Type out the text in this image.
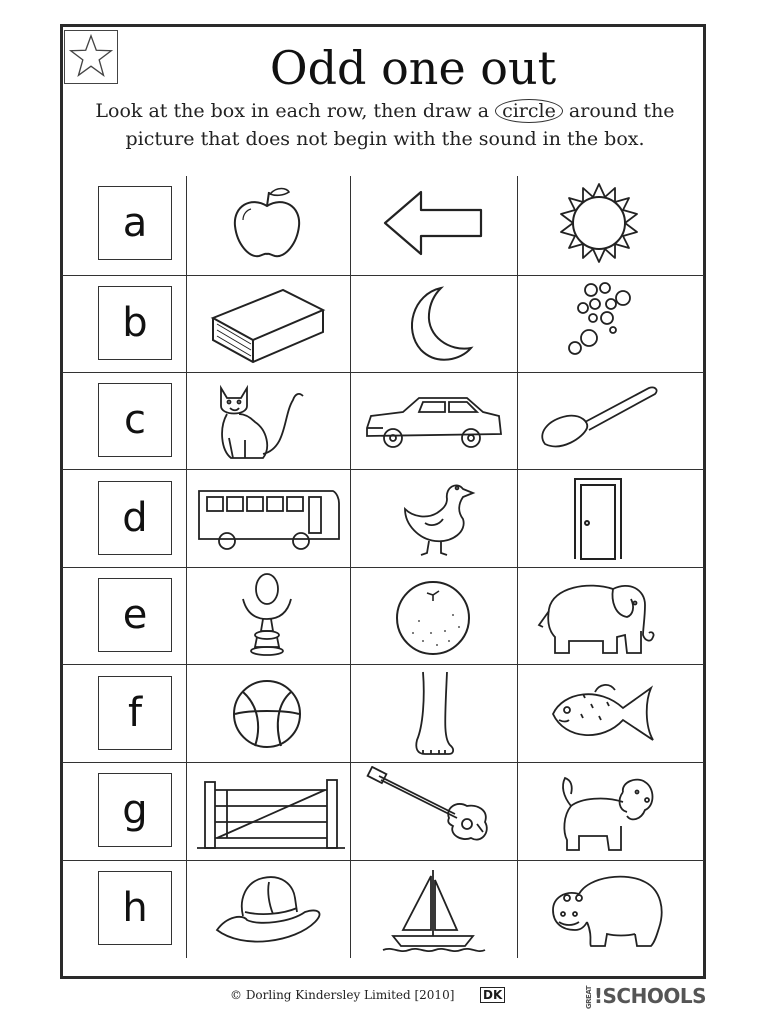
Odd one out
Look at the box in each row, then draw a circle around the
picture that does not begin with the sound in the box.
a
b
c
d
e
f
g
h
© Dorling Kindersley Limited [2010] DK	GREAT!SCHOOLS
